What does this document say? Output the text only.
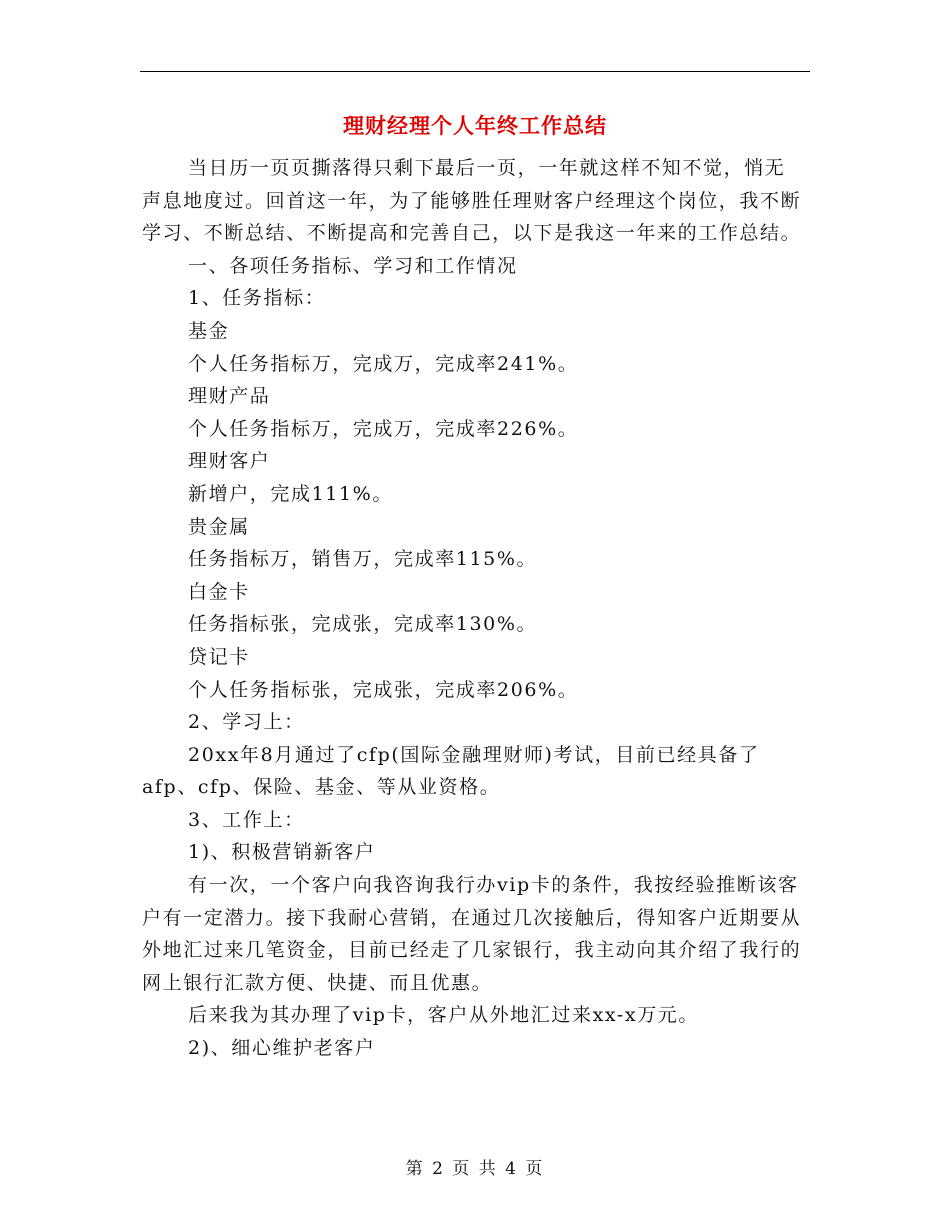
理财经理个人年终工作总结

当日历一页页撕落得只剩下最后一页，一年就这样不知不觉，悄无声息地度过。回首这一年，为了能够胜任理财客户经理这个岗位，我不断学习、不断总结、不断提高和完善自己，以下是我这一年来的工作总结。

一、各项任务指标、学习和工作情况

1、任务指标：

基金

个人任务指标万，完成万，完成率241%。

理财产品

个人任务指标万，完成万，完成率226%。

理财客户

新增户，完成111%。

贵金属

任务指标万，销售万，完成率115%。

白金卡

任务指标张，完成张，完成率130%。

贷记卡

个人任务指标张，完成张，完成率206%。

2、学习上：

20xx年8月通过了cfp(国际金融理财师)考试，目前已经具备了afp、cfp、保险、基金、等从业资格。

3、工作上：

1)、积极营销新客户

有一次，一个客户向我咨询我行办vip卡的条件，我按经验推断该客户有一定潜力。接下我耐心营销，在通过几次接触后，得知客户近期要从外地汇过来几笔资金，目前已经走了几家银行，我主动向其介绍了我行的网上银行汇款方便、快捷、而且优惠。

后来我为其办理了vip卡，客户从外地汇过来xx-x万元。

2)、细心维护老客户

第 2 页 共 4 页
